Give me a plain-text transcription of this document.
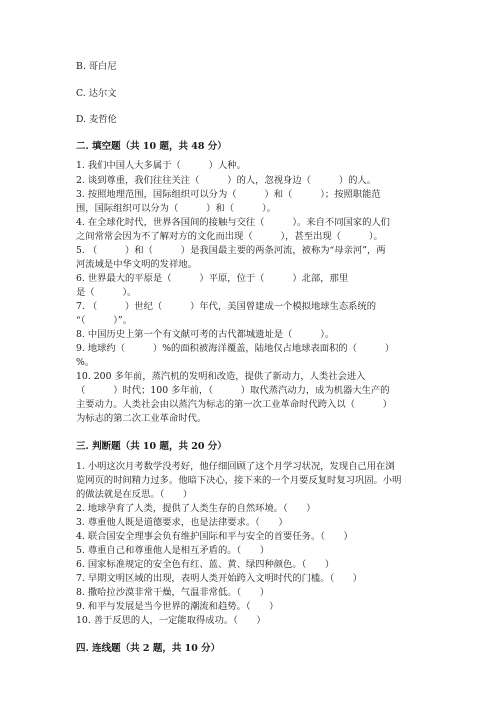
B. 哥白尼
C. 达尔文
D. 麦哲伦
二. 填空题（共 10 题，共 48 分）
1. 我们中国人大多属于（　　　）人种。
2. 谈到尊重，我们往往关注（　　　）的人，忽视身边（　　　）的人。
3. 按照地理范围，国际组织可以分为（　　　）和（　　　）；按照职能范
围，国际组织可以分为（　　　）和（　　　）。
4. 在全球化时代，世界各国间的接触与交往（　　　）。来自不同国家的人们
之间常常会因为不了解对方的文化而出现（　　　），甚至出现（　　　）。
5. （　　　）和（　　　）是我国最主要的两条河流，被称为“母亲河”，两
河流域是中华文明的发祥地。
6. 世界最大的平原是（　　　）平原，位于（　　　）北部，那里
是（　　　）。
7. （　　　）世纪（　　　）年代，美国曾建成一个模拟地球生态系统的
“（　　　）”。
8. 中国历史上第一个有文献可考的古代都城遗址是（　　　）。
9. 地球约（　　　）%的面积被海洋覆盖，陆地仅占地球表面积的（　　　）
%。
10. 200 多年前，蒸汽机的发明和改造，提供了新动力，人类社会进入
（　　　）时代；100 多年前，（　　　）取代蒸汽动力，成为机器大生产的
主要动力。人类社会由以蒸汽为标志的第一次工业革命时代跨入以（　　　）
为标志的第二次工业革命时代。
三. 判断题（共 10 题，共 20 分）
1. 小明这次月考数学没考好，他仔细回顾了这个月学习状况，发现自己用在浏
览网页的时间精力过多。他暗下决心，接下来的一个月要反复时复习巩固。小明
的做法就是在反思。（　　）
2. 地球孕育了人类，提供了人类生存的自然环境。（　　）
3. 尊重他人既是道德要求，也是法律要求。（　　）
4. 联合国安全理事会负有维护国际和平与安全的首要任务。（　　）
5. 尊重自己和尊重他人是相互矛盾的。（　　）
6. 国家标准规定的安全色有红、蓝、黄、绿四种颜色。（　　）
7. 早期文明区域的出现，表明人类开始跨入文明时代的门槛。（　　）
8. 撒哈拉沙漠非常干燥，气温非常低。（　　）
9. 和平与发展是当今世界的潮流和趋势。（　　）
10. 善于反思的人，一定能取得成功。（　　）
四. 连线题（共 2 题，共 10 分）
